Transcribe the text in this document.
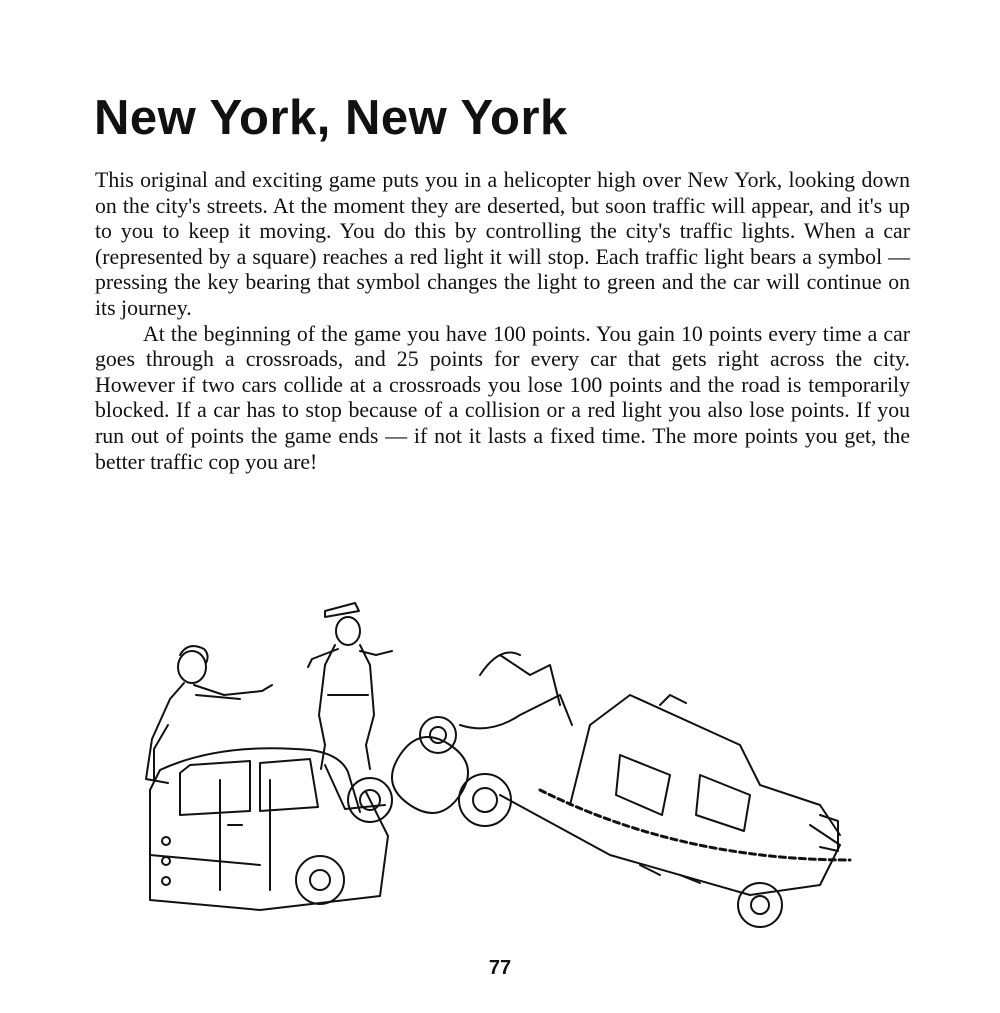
New York, New York

This original and exciting game puts you in a helicopter high over New York, looking down on the city's streets. At the moment they are deserted, but soon traffic will appear, and it's up to you to keep it moving. You do this by controlling the city's traffic lights. When a car (represented by a square) reaches a red light it will stop. Each traffic light bears a symbol — pressing the key bearing that symbol changes the light to green and the car will continue on its journey.

At the beginning of the game you have 100 points. You gain 10 points every time a car goes through a crossroads, and 25 points for every car that gets right across the city. However if two cars collide at a crossroads you lose 100 points and the road is temporarily blocked. If a car has to stop because of a collision or a red light you also lose points. If you run out of points the game ends — if not it lasts a fixed time. The more points you get, the better traffic cop you are!

77
